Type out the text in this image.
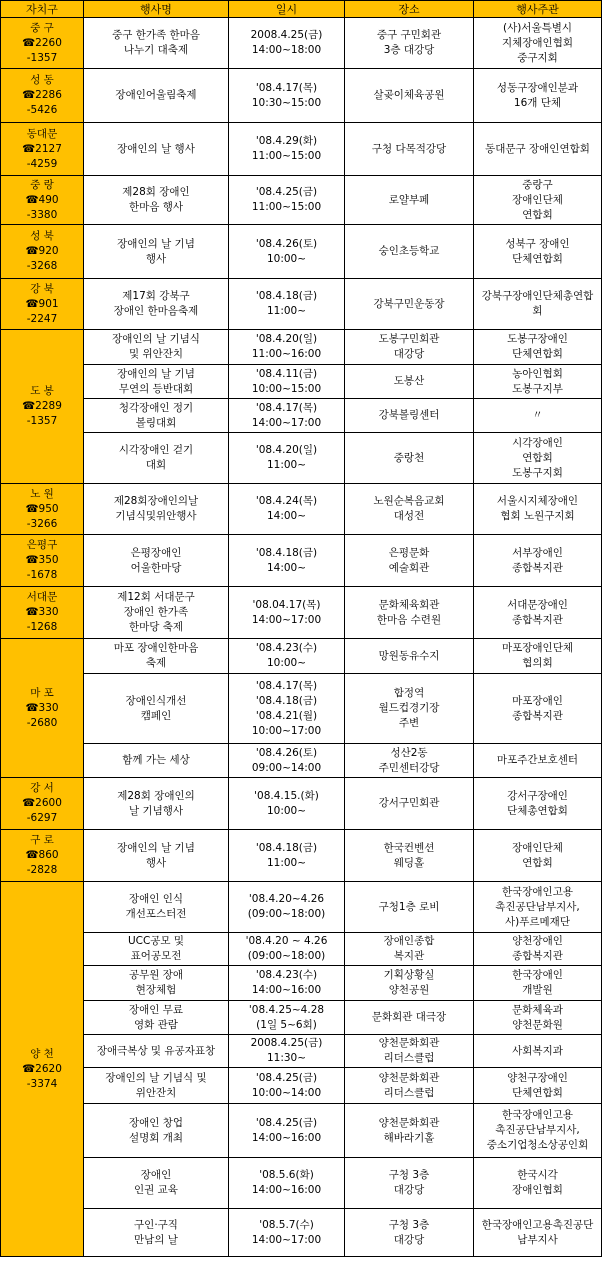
자치구	행사명	일시	장소	행사주관

중 구
☎2260
-1357	중구 한가족 한마음
나누기 대축제	2008.4.25(금)
14:00~18:00	중구 구민회관
3층 대강당	(사)서울특별시
지체장애인협회
중구지회

성 동
☎2286
-5426	장애인어울림축제	'08.4.17(목)
10:30~15:00	살곶이체육공원	성동구장애인분과
16개 단체

동대문
☎2127
-4259	장애인의 날 행사	'08.4.29(화)
11:00~15:00	구청 다목적강당	동대문구 장애인연합회

중 랑
☎490
-3380	제28회 장애인
한마음 행사	'08.4.25(금)
11:00~15:00	로얄부페	중랑구
장애인단체
연합회

성 북
☎920
-3268	장애인의 날 기념
행사	'08.4.26(토)
10:00~	숭인초등학교	성북구 장애인
단체연합회

강 북
☎901
-2247	제17회 강북구
장애인 한마음축제	'08.4.18(금)
11:00~	강북구민운동장	강북구장애인단체총연합
회

도 봉
☎2289
-1357	장애인의 날 기념식
및 위안잔치	'08.4.20(일)
11:00~16:00	도봉구민회관
대강당	도봉구장애인
단체연합회
	장애인의 날 기념
무연의 등반대회	'08.4.11(금)
10:00~15:00	도봉산	농아인협회
도봉구지부
	청각장애인 정기
볼링대회	'08.4.17(목)
14:00~17:00	강북볼링센터	〃
	시각장애인 걷기
대회	'08.4.20(일)
11:00~	중랑천	시각장애인
연합회
도봉구지회

노 원
☎950
-3266	제28회장애인의날
기념식및위안행사	'08.4.24(목)
14:00~	노원순복음교회
대성전	서울시지체장애인
협회 노원구지회

은평구
☎350
-1678	은평장애인
어울한마당	'08.4.18(금)
14:00~	은평문화
예술회관	서부장애인
종합복지관

서대문
☎330
-1268	제12회 서대문구
장애인 한가족
한마당 축제	'08.04.17(목)
14:00~17:00	문화체육회관
한마음 수련원	서대문장애인
종합복지관

마 포
☎330
-2680	마포 장애인한마음
축제	'08.4.23(수)
10:00~	망원동유수지	마포장애인단체
협의회
	장애인식개선
캠페인	'08.4.17(목)
'08.4.18(금)
'08.4.21(월)
10:00~17:00	합정역
월드컵경기장
주변	마포장애인
종합복지관
	함께 가는 세상	'08.4.26(토)
09:00~14:00	성산2동
주민센터강당	마포주간보호센터

강 서
☎2600
-6297	제28회 장애인의
날 기념행사	'08.4.15.(화)
10:00~	강서구민회관	강서구장애인
단체총연합회

구 로
☎860
-2828	장애인의 날 기념
행사	'08.4.18(금)
11:00~	한국컨벤션
웨딩홀	장애인단체
연합회

양 천
☎2620
-3374	장애인 인식
개선포스터전	'08.4.20~4.26
(09:00~18:00)	구청1층 로비	한국장애인고용
촉진공단남부지사,
사)푸르메재단
	UCC공모 및
표어공모전	'08.4.20 ~ 4.26
(09:00~18:00)	장애인종합
복지관	양천장애인
종합복지관
	공무원 장애
현장체험	'08.4.23(수)
14:00~16:00	기획상황실
양천공원	한국장애인
개발원
	장애인 무료
영화 관람	'08.4.25~4.28
(1일 5~6회)	문화회관 대극장	문화체육과
양천문화원
	장애극복상 및 유공자표창	2008.4.25(금)
11:30~	양천문화회관
리더스클럽	사회복지과
	장애인의 날 기념식 및
위안잔치	'08.4.25(금)
10:00~14:00	양천문화회관
리더스클럽	양천구장애인
단체연합회
	장애인 창업
설명회 개최	'08.4.25(금)
14:00~16:00	양천문화회관
해바라기홀	한국장애인고용
촉진공단남부지사,
중소기업청소상공인회
	장애인
인권 교육	'08.5.6(화)
14:00~16:00	구청 3층
대강당	한국시각
장애인협회
	구인·구직
만남의 날	'08.5.7(수)
14:00~17:00	구청 3층
대강당	한국장애인고용촉진공단
남부지사
